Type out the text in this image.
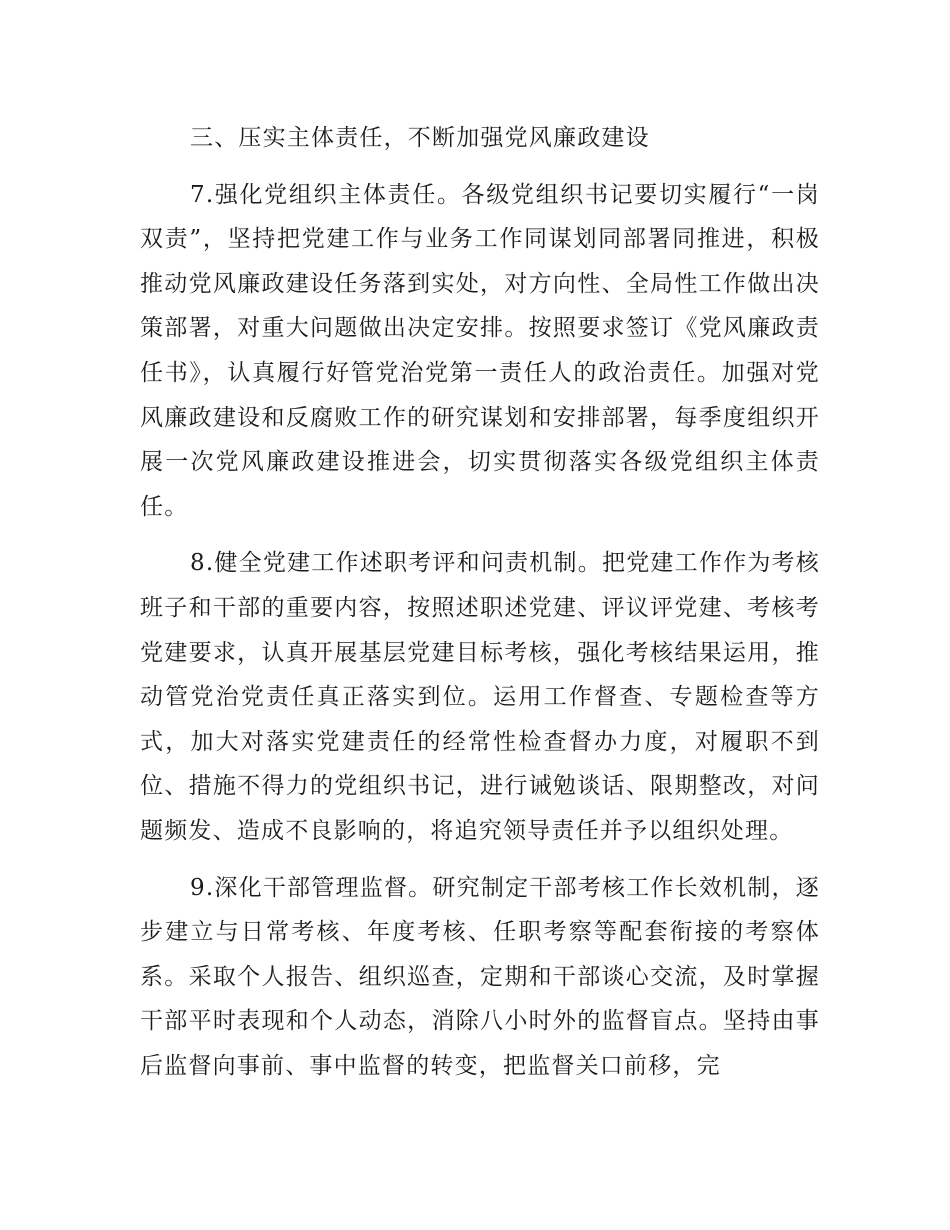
三、压实主体责任，不断加强党风廉政建设

7.强化党组织主体责任。各级党组织书记要切实履行“一岗双责”，坚持把党建工作与业务工作同谋划同部署同推进，积极推动党风廉政建设任务落到实处，对方向性、全局性工作做出决策部署，对重大问题做出决定安排。按照要求签订《党风廉政责任书》，认真履行好管党治党第一责任人的政治责任。加强对党风廉政建设和反腐败工作的研究谋划和安排部署，每季度组织开展一次党风廉政建设推进会，切实贯彻落实各级党组织主体责任。

8.健全党建工作述职考评和问责机制。把党建工作作为考核班子和干部的重要内容，按照述职述党建、评议评党建、考核考党建要求，认真开展基层党建目标考核，强化考核结果运用，推动管党治党责任真正落实到位。运用工作督查、专题检查等方式，加大对落实党建责任的经常性检查督办力度，对履职不到位、措施不得力的党组织书记，进行诫勉谈话、限期整改，对问题频发、造成不良影响的，将追究领导责任并予以组织处理。

9.深化干部管理监督。研究制定干部考核工作长效机制，逐步建立与日常考核、年度考核、任职考察等配套衔接的考察体系。采取个人报告、组织巡查，定期和干部谈心交流，及时掌握干部平时表现和个人动态，消除八小时外的监督盲点。坚持由事后监督向事前、事中监督的转变，把监督关口前移，完
